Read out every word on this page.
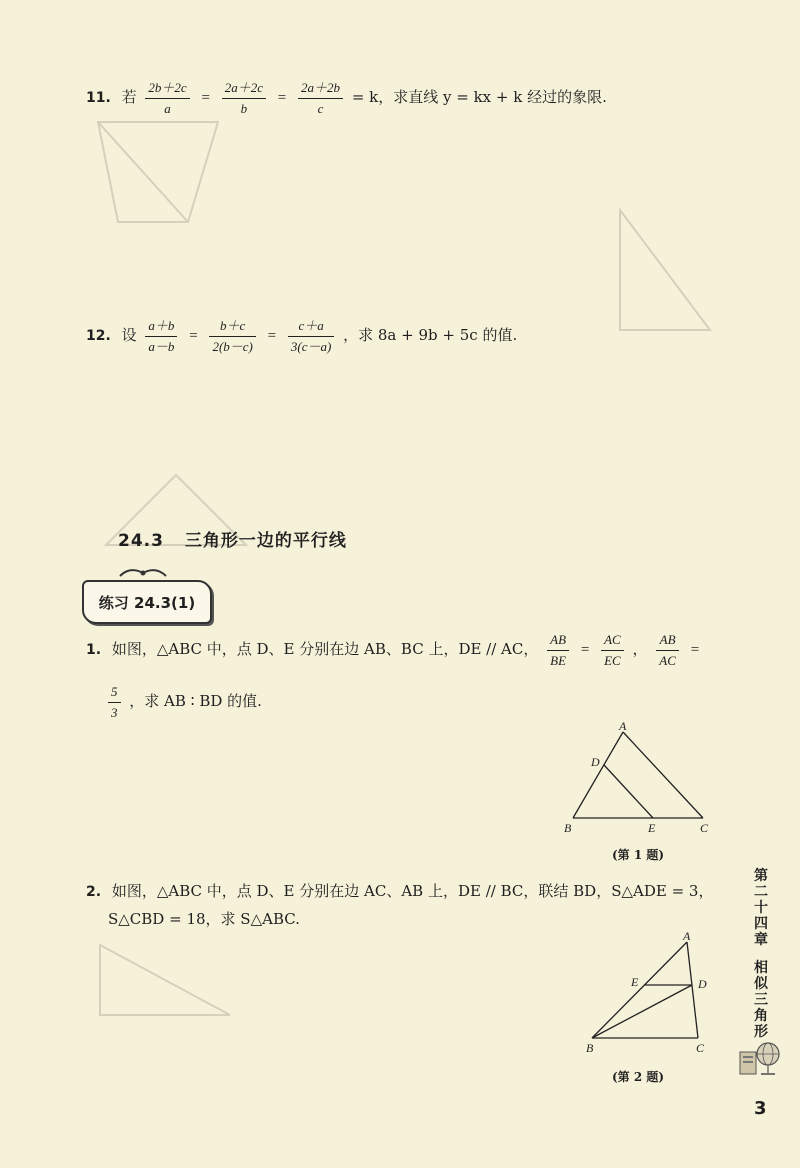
11. 若 $\frac{2b+2c}{a} = \frac{2a+2c}{b} = \frac{2a+2b}{c} = k$，求直线 y = kx + k 经过的象限.
12. 设 $\frac{a+b}{a-b} = \frac{b+c}{2(b-c)} = \frac{c+a}{3(c-a)}$ ，求 8a + 9b + 5c 的值.
24.3 三角形一边的平行线
练习 24.3(1)
1. 如图，△ABC 中，点 D、E 分别在边 AB、BC 上，DE // AC， $\frac{AB}{BE} = \frac{AC}{EC}$ ， $\frac{AB}{AC}$ =
$\frac{5}{3}$ ，求 AB ∶ BD 的值.
A
B	C
D
E
(第 1 题)
2. 如图，△ABC 中，点 D、E 分别在边 AC、AB 上，DE // BC，联结 BD，S△ADE = 3，
S△CBD = 18，求 S△ABC.
A
B	C
D
E
(第 2 题)
第
二
十
四
章
相
似
三
角
形
3
